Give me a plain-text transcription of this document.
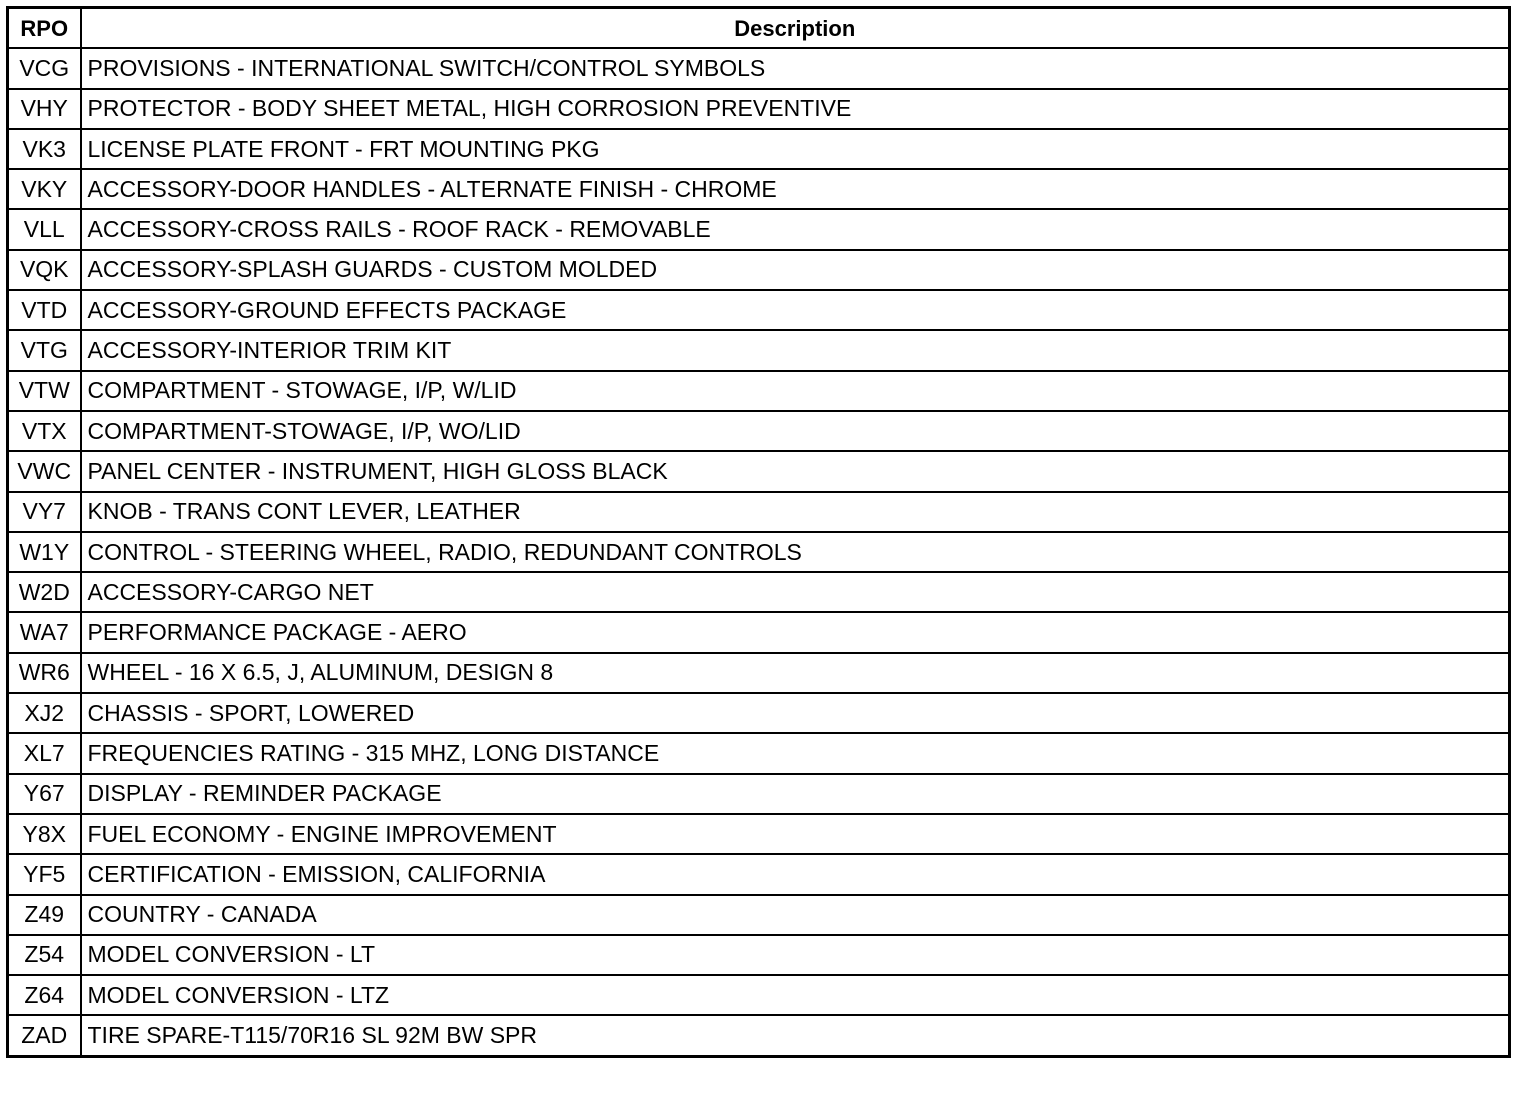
RPO	Description
VCG	PROVISIONS - INTERNATIONAL SWITCH/CONTROL SYMBOLS
VHY	PROTECTOR - BODY SHEET METAL, HIGH CORROSION PREVENTIVE
VK3	LICENSE PLATE FRONT - FRT MOUNTING PKG
VKY	ACCESSORY-DOOR HANDLES - ALTERNATE FINISH - CHROME
VLL	ACCESSORY-CROSS RAILS - ROOF RACK - REMOVABLE
VQK	ACCESSORY-SPLASH GUARDS - CUSTOM MOLDED
VTD	ACCESSORY-GROUND EFFECTS PACKAGE
VTG	ACCESSORY-INTERIOR TRIM KIT
VTW	COMPARTMENT - STOWAGE, I/P, W/LID
VTX	COMPARTMENT-STOWAGE, I/P, WO/LID
VWC	PANEL CENTER - INSTRUMENT, HIGH GLOSS BLACK
VY7	KNOB - TRANS CONT LEVER, LEATHER
W1Y	CONTROL - STEERING WHEEL, RADIO, REDUNDANT CONTROLS
W2D	ACCESSORY-CARGO NET
WA7	PERFORMANCE PACKAGE - AERO
WR6	WHEEL - 16 X 6.5, J, ALUMINUM, DESIGN 8
XJ2	CHASSIS - SPORT, LOWERED
XL7	FREQUENCIES RATING - 315 MHZ, LONG DISTANCE
Y67	DISPLAY - REMINDER PACKAGE
Y8X	FUEL ECONOMY - ENGINE IMPROVEMENT
YF5	CERTIFICATION - EMISSION, CALIFORNIA
Z49	COUNTRY - CANADA
Z54	MODEL CONVERSION - LT
Z64	MODEL CONVERSION - LTZ
ZAD	TIRE SPARE-T115/70R16 SL 92M BW SPR
